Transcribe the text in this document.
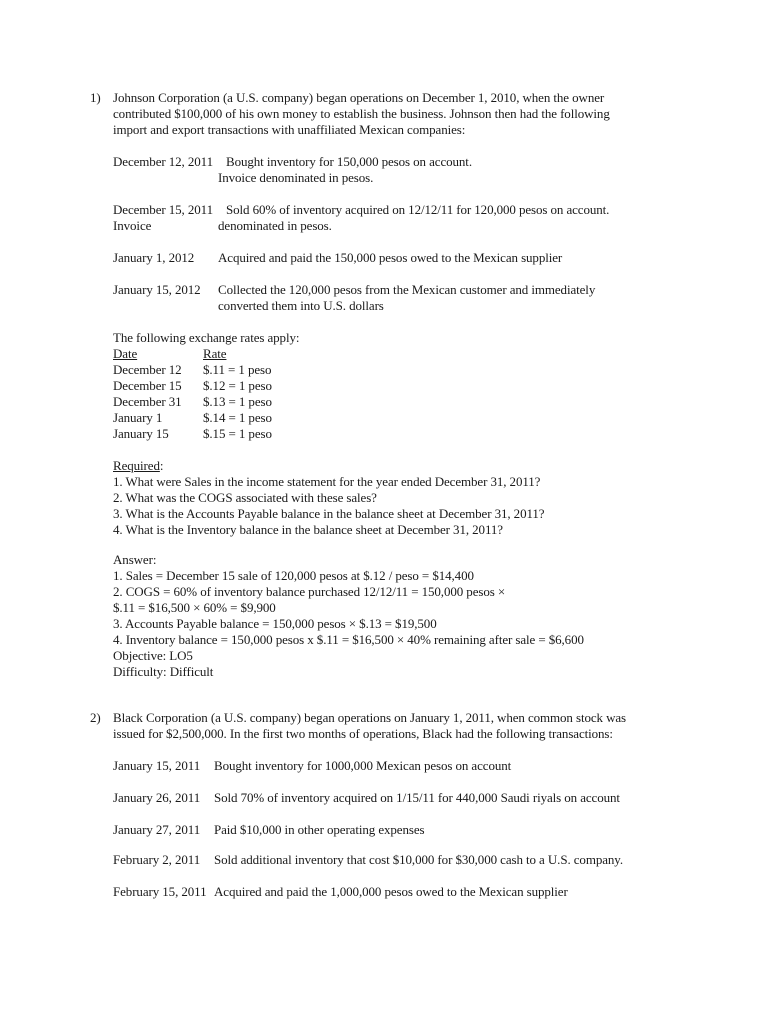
1) Johnson Corporation (a U.S. company) began operations on December 1, 2010, when the owner
contributed $100,000 of his own money to establish the business. Johnson then had the following
import and export transactions with unaffiliated Mexican companies:
December 12, 2011 Bought inventory for 150,000 pesos on account.
Invoice denominated in pesos.
December 15, 2011 Sold 60% of inventory acquired on 12/12/11 for 120,000 pesos on account.
Invoice	denominated in pesos.
January 1, 2012 Acquired and paid the 150,000 pesos owed to the Mexican supplier
January 15, 2012 Collected the 120,000 pesos from the Mexican customer and immediately
converted them into U.S. dollars
The following exchange rates apply:
Date	Rate
December 12 $.11 = 1 peso
December 15 $.12 = 1 peso
December 31 $.13 = 1 peso
January 1	$.14 = 1 peso
January 15	$.15 = 1 peso
Required:
1. What were Sales in the income statement for the year ended December 31, 2011?
2. What was the COGS associated with these sales?
3. What is the Accounts Payable balance in the balance sheet at December 31, 2011?
4. What is the Inventory balance in the balance sheet at December 31, 2011?
Answer:
1. Sales = December 15 sale of 120,000 pesos at $.12 / peso = $14,400
2. COGS = 60% of inventory balance purchased 12/12/11 = 150,000 pesos ×
$.11 = $16,500 × 60% = $9,900
3. Accounts Payable balance = 150,000 pesos × $.13 = $19,500
4. Inventory balance = 150,000 pesos x $.11 = $16,500 × 40% remaining after sale = $6,600
Objective: LO5
Difficulty: Difficult
2) Black Corporation (a U.S. company) began operations on January 1, 2011, when common stock was
issued for $2,500,000. In the first two months of operations, Black had the following transactions:
January 15, 2011 Bought inventory for 1000,000 Mexican pesos on account
January 26, 2011 Sold 70% of inventory acquired on 1/15/11 for 440,000 Saudi riyals on account
January 27, 2011 Paid $10,000 in other operating expenses
February 2, 2011 Sold additional inventory that cost $10,000 for $30,000 cash to a U.S. company.
February 15, 2011 Acquired and paid the 1,000,000 pesos owed to the Mexican supplier
